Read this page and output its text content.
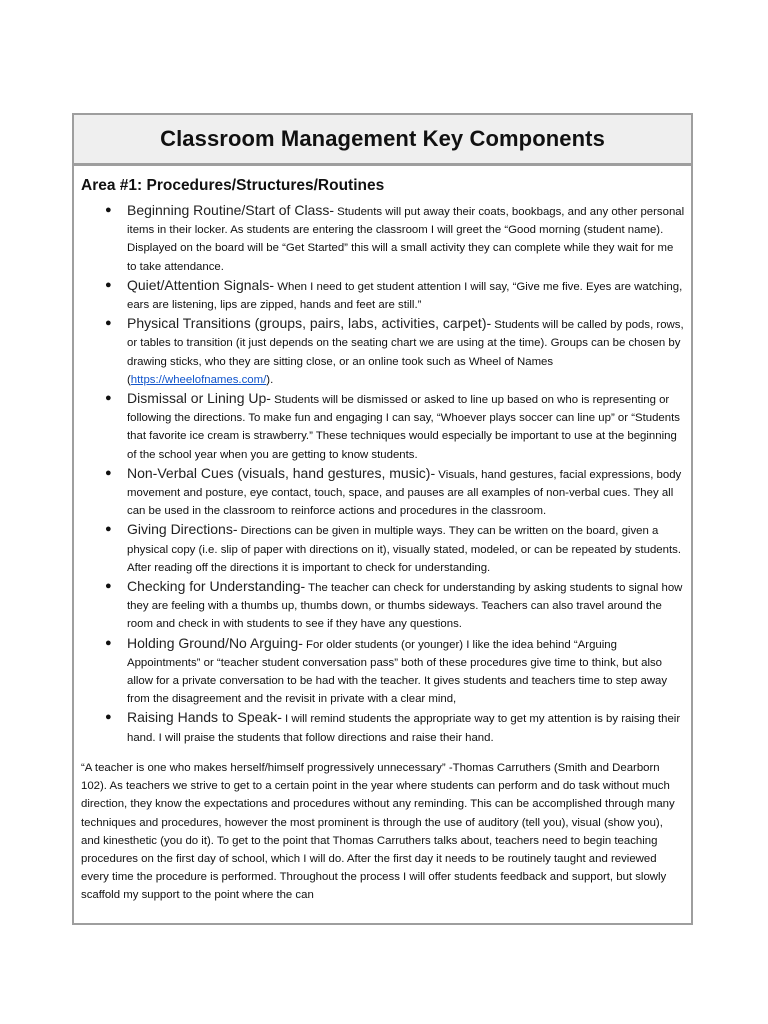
Classroom Management Key Components
Area #1: Procedures/Structures/Routines
● Beginning Routine/Start of Class- Students will put away their coats, bookbags, and any other personal items in their locker. As students are entering the classroom I will greet the “Good morning (student name). Displayed on the board will be “Get Started” this will a small activity they can complete while they wait for me to take attendance.
● Quiet/Attention Signals- When I need to get student attention I will say, “Give me five. Eyes are watching, ears are listening, lips are zipped, hands and feet are still.”
● Physical Transitions (groups, pairs, labs, activities, carpet)- Students will be called by pods, rows, or tables to transition (it just depends on the seating chart we are using at the time). Groups can be chosen by drawing sticks, who they are sitting close, or an online took such as Wheel of Names (https://wheelofnames.com/).
● Dismissal or Lining Up- Students will be dismissed or asked to line up based on who is representing or following the directions. To make fun and engaging I can say, “Whoever plays soccer can line up” or “Students that favorite ice cream is strawberry.” These techniques would especially be important to use at the beginning of the school year when you are getting to know students.
● Non-Verbal Cues (visuals, hand gestures, music)- Visuals, hand gestures, facial expressions, body movement and posture, eye contact, touch, space, and pauses are all examples of non-verbal cues. They all can be used in the classroom to reinforce actions and procedures in the classroom.
● Giving Directions- Directions can be given in multiple ways. They can be written on the board, given a physical copy (i.e. slip of paper with directions on it), visually stated, modeled, or can be repeated by students. After reading off the directions it is important to check for understanding.
● Checking for Understanding- The teacher can check for understanding by asking students to signal how they are feeling with a thumbs up, thumbs down, or thumbs sideways. Teachers can also travel around the room and check in with students to see if they have any questions.
● Holding Ground/No Arguing- For older students (or younger) I like the idea behind “Arguing Appointments” or “teacher student conversation pass” both of these procedures give time to think, but also allow for a private conversation to be had with the teacher. It gives students and teachers time to step away from the disagreement and the revisit in private with a clear mind,
● Raising Hands to Speak- I will remind students the appropriate way to get my attention is by raising their hand. I will praise the students that follow directions and raise their hand.

“A teacher is one who makes herself/himself progressively unnecessary” -Thomas Carruthers (Smith and Dearborn 102). As teachers we strive to get to a certain point in the year where students can perform and do task without much direction, they know the expectations and procedures without any reminding. This can be accomplished through many techniques and procedures, however the most prominent is through the use of auditory (tell you), visual (show you), and kinesthetic (you do it). To get to the point that Thomas Carruthers talks about, teachers need to begin teaching procedures on the first day of school, which I will do. After the first day it needs to be routinely taught and reviewed every time the procedure is performed. Throughout the process I will offer students feedback and support, but slowly scaffold my support to the point where the can
